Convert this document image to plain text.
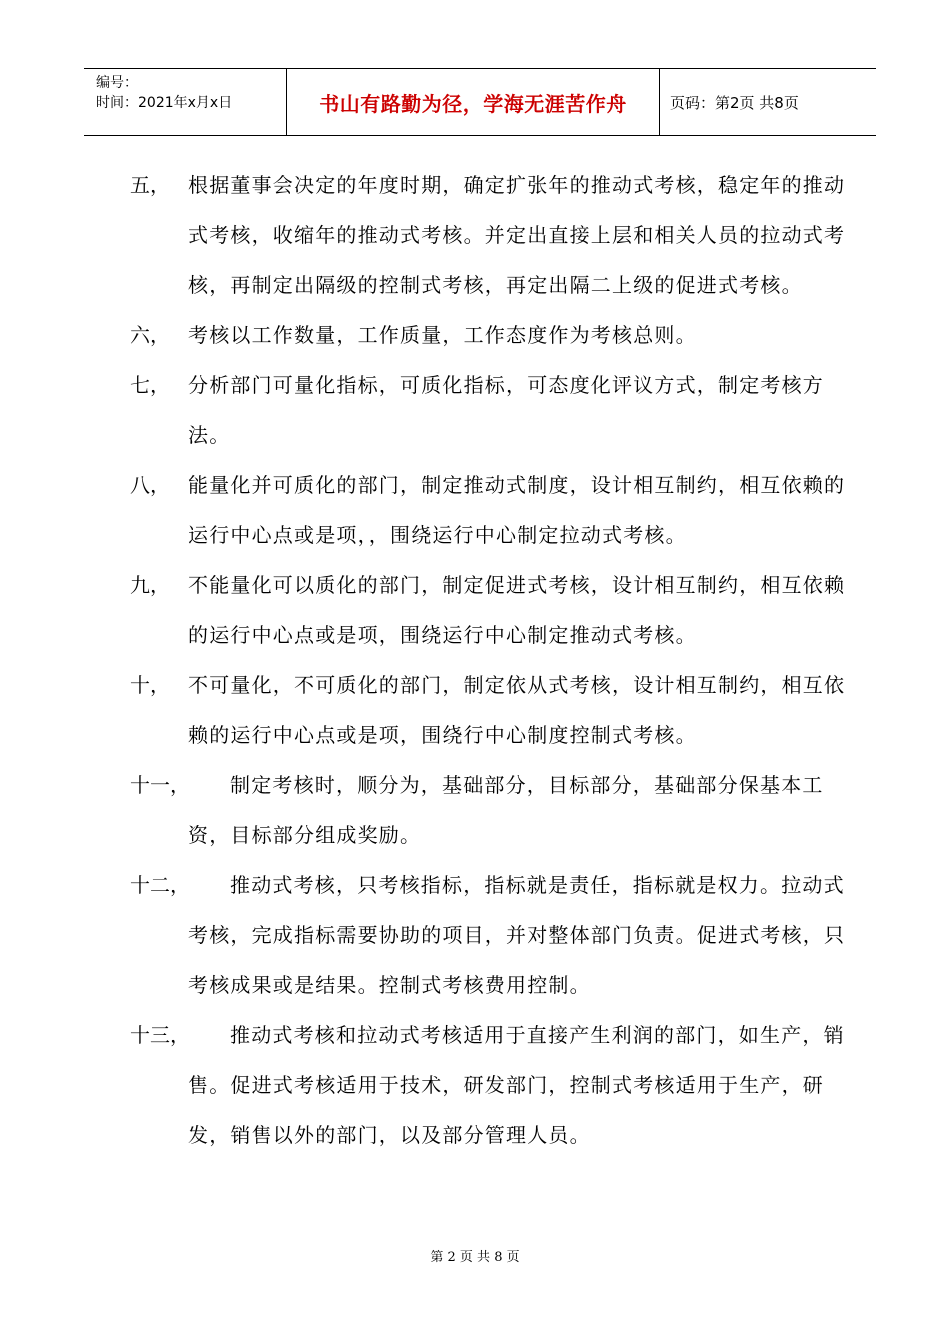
编号：
时间：2021年x月x日	书山有路勤为径，学海无涯苦作舟	页码：第2页 共8页
五， 根据董事会决定的年度时期，确定扩张年的推动式考核，稳定年的推动式考核，收缩年的推动式考核。并定出直接上层和相关人员的拉动式考核，再制定出隔级的控制式考核，再定出隔二上级的促进式考核。
六， 考核以工作数量，工作质量，工作态度作为考核总则。
七， 分析部门可量化指标，可质化指标，可态度化评议方式，制定考核方法。
八， 能量化并可质化的部门，制定推动式制度，设计相互制约，相互依赖的运行中心点或是项，，围绕运行中心制定拉动式考核。
九， 不能量化可以质化的部门，制定促进式考核，设计相互制约，相互依赖的运行中心点或是项，围绕运行中心制定推动式考核。
十， 不可量化，不可质化的部门，制定依从式考核，设计相互制约，相互依赖的运行中心点或是项，围绕行中心制度控制式考核。
十一，	制定考核时，顺分为，基础部分，目标部分，基础部分保基本工资，目标部分组成奖励。
十二，	推动式考核，只考核指标，指标就是责任，指标就是权力。拉动式考核，完成指标需要协助的项目，并对整体部门负责。促进式考核，只考核成果或是结果。控制式考核费用控制。
十三，	推动式考核和拉动式考核适用于直接产生利润的部门，如生产，销售。促进式考核适用于技术，研发部门，控制式考核适用于生产，研发，销售以外的部门，以及部分管理人员。
第 2 页 共 8 页
